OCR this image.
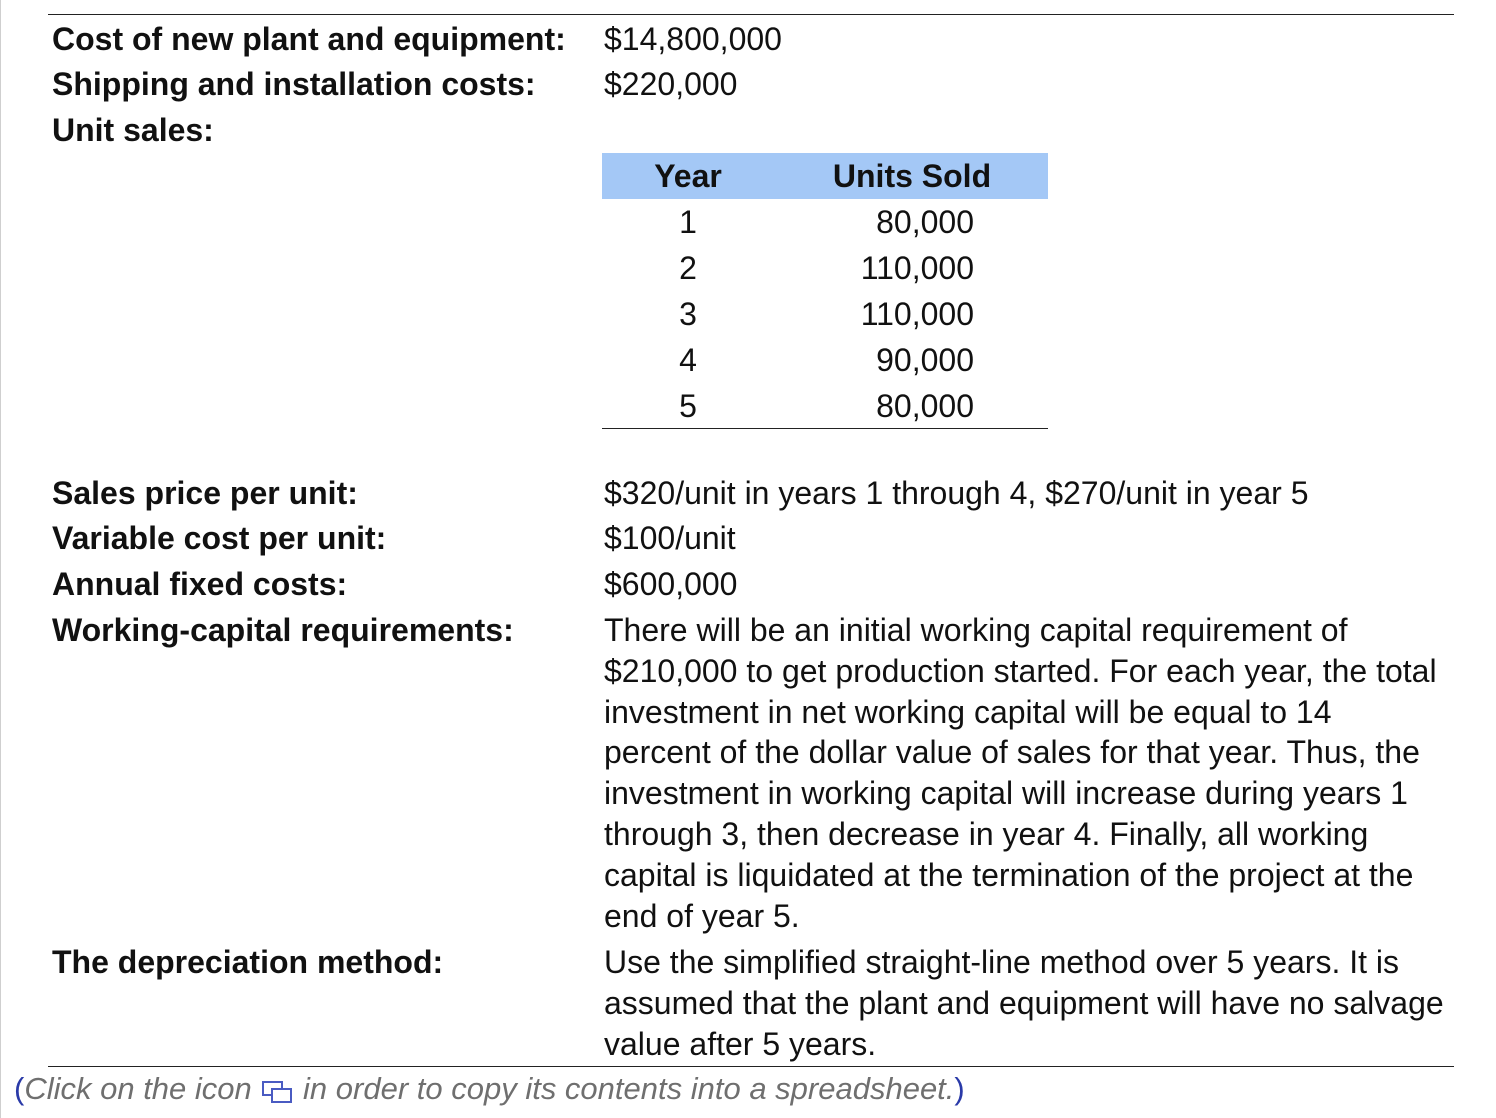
Cost of new plant and equipment: $14,800,000
Shipping and installation costs: $220,000
Unit sales:
Year	Units Sold
1	80,000
2	110,000
3	110,000
4	90,000
5	80,000
Sales price per unit:	$320/unit in years 1 through 4, $270/unit in year 5
Variable cost per unit:	$100/unit
Annual fixed costs:	$600,000
Working-capital requirements:	There will be an initial working capital requirement of $210,000 to get production started. For each year, the total investment in net working capital will be equal to 14 percent of the dollar value of sales for that year. Thus, the investment in working capital will increase during years 1 through 3, then decrease in year 4. Finally, all working capital is liquidated at the termination of the project at the end of year 5.
The depreciation method:	Use the simplified straight-line method over 5 years. It is assumed that the plant and equipment will have no salvage value after 5 years.
(Click on the icon in order to copy its contents into a spreadsheet.)
